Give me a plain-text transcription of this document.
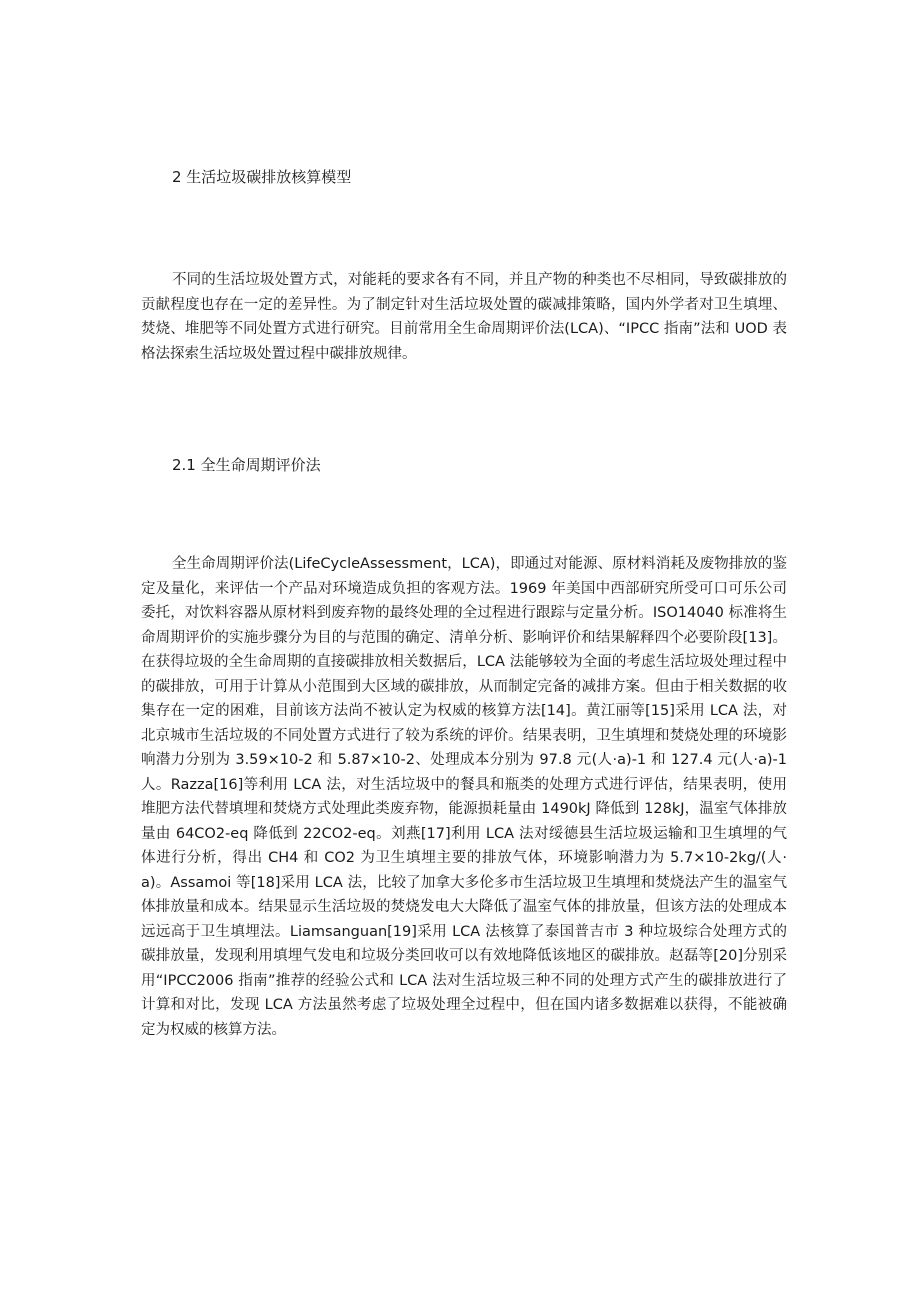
2 生活垃圾碳排放核算模型

不同的生活垃圾处置方式，对能耗的要求各有不同，并且产物的种类也不尽相同，导致碳排放的贡献程度也存在一定的差异性。为了制定针对生活垃圾处置的碳减排策略，国内外学者对卫生填埋、焚烧、堆肥等不同处置方式进行研究。目前常用全生命周期评价法(LCA)、“IPCC 指南”法和 UOD 表格法探索生活垃圾处置过程中碳排放规律。

2.1 全生命周期评价法

全生命周期评价法(LifeCycleAssessment，LCA)，即通过对能源、原材料消耗及废物排放的鉴定及量化，来评估一个产品对环境造成负担的客观方法。1969 年美国中西部研究所受可口可乐公司委托，对饮料容器从原材料到废弃物的最终处理的全过程进行跟踪与定量分析。ISO14040 标准将生命周期评价的实施步骤分为目的与范围的确定、清单分析、影响评价和结果解释四个必要阶段[13]。在获得垃圾的全生命周期的直接碳排放相关数据后，LCA 法能够较为全面的考虑生活垃圾处理过程中的碳排放，可用于计算从小范围到大区域的碳排放，从而制定完备的减排方案。但由于相关数据的收集存在一定的困难，目前该方法尚不被认定为权威的核算方法[14]。黄江丽等[15]采用 LCA 法，对北京城市生活垃圾的不同处置方式进行了较为系统的评价。结果表明，卫生填埋和焚烧处理的环境影响潜力分别为 3.59×10-2 和 5.87×10-2、处理成本分别为 97.8 元(人·a)-1 和 127.4 元(人·a)-1 人。Razza[16]等利用 LCA 法，对生活垃圾中的餐具和瓶类的处理方式进行评估，结果表明，使用堆肥方法代替填埋和焚烧方式处理此类废弃物，能源损耗量由 1490kJ 降低到 128kJ，温室气体排放量由 64CO2-eq 降低到 22CO2-eq。刘燕[17]利用 LCA 法对绥德县生活垃圾运输和卫生填埋的气体进行分析，得出 CH4 和 CO2 为卫生填埋主要的排放气体，环境影响潜力为 5.7×10-2kg/(人·a)。Assamoi 等[18]采用 LCA 法，比较了加拿大多伦多市生活垃圾卫生填埋和焚烧法产生的温室气体排放量和成本。结果显示生活垃圾的焚烧发电大大降低了温室气体的排放量，但该方法的处理成本远远高于卫生填埋法。Liamsanguan[19]采用 LCA 法核算了泰国普吉市 3 种垃圾综合处理方式的碳排放量，发现利用填埋气发电和垃圾分类回收可以有效地降低该地区的碳排放。赵磊等[20]分别采用“IPCC2006 指南”推荐的经验公式和 LCA 法对生活垃圾三种不同的处理方式产生的碳排放进行了计算和对比，发现 LCA 方法虽然考虑了垃圾处理全过程中，但在国内诸多数据难以获得，不能被确定为权威的核算方法。
